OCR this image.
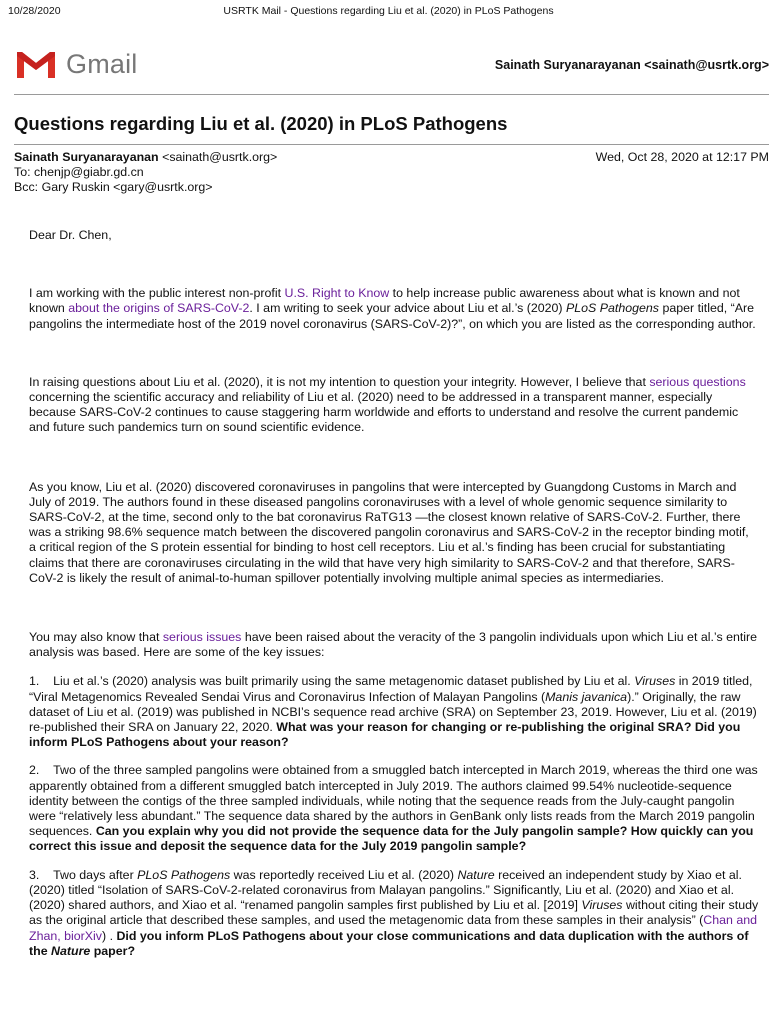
10/28/2020	USRTK Mail - Questions regarding Liu et al. (2020) in PLoS Pathogens
Gmail	Sainath Suryanarayanan <sainath@usrtk.org>
Questions regarding Liu et al. (2020) in PLoS Pathogens
Sainath Suryanarayanan <sainath@usrtk.org>	Wed, Oct 28, 2020 at 12:17 PM
To: chenjp@giabr.gd.cn
Bcc: Gary Ruskin <gary@usrtk.org>

Dear Dr. Chen,

I am working with the public interest non-profit U.S. Right to Know to help increase public awareness about what is known and not known about the origins of SARS-CoV-2. I am writing to seek your advice about Liu et al.’s (2020) PLoS Pathogens paper titled, “Are pangolins the intermediate host of the 2019 novel coronavirus (SARS-CoV-2)?”, on which you are listed as the corresponding author.

In raising questions about Liu et al. (2020), it is not my intention to question your integrity. However, I believe that serious questions concerning the scientific accuracy and reliability of Liu et al. (2020) need to be addressed in a transparent manner, especially because SARS-CoV-2 continues to cause staggering harm worldwide and efforts to understand and resolve the current pandemic and future such pandemics turn on sound scientific evidence.

As you know, Liu et al. (2020) discovered coronaviruses in pangolins that were intercepted by Guangdong Customs in March and July of 2019. The authors found in these diseased pangolins coronaviruses with a level of whole genomic sequence similarity to SARS-CoV-2, at the time, second only to the bat coronavirus RaTG13 —the closest known relative of SARS-CoV-2. Further, there was a striking 98.6% sequence match between the discovered pangolin coronavirus and SARS-CoV-2 in the receptor binding motif, a critical region of the S protein essential for binding to host cell receptors. Liu et al.’s finding has been crucial for substantiating claims that there are coronaviruses circulating in the wild that have very high similarity to SARS-CoV-2 and that therefore, SARS-CoV-2 is likely the result of animal-to-human spillover potentially involving multiple animal species as intermediaries.

You may also know that serious issues have been raised about the veracity of the 3 pangolin individuals upon which Liu et al.’s entire analysis was based. Here are some of the key issues:

1. Liu et al.’s (2020) analysis was built primarily using the same metagenomic dataset published by Liu et al. Viruses in 2019 titled, “Viral Metagenomics Revealed Sendai Virus and Coronavirus Infection of Malayan Pangolins (Manis javanica).” Originally, the raw dataset of Liu et al. (2019) was published in NCBI’s sequence read archive (SRA) on September 23, 2019. However, Liu et al. (2019) re-published their SRA on January 22, 2020. What was your reason for changing or re-publishing the original SRA? Did you inform PLoS Pathogens about your reason?

2. Two of the three sampled pangolins were obtained from a smuggled batch intercepted in March 2019, whereas the third one was apparently obtained from a different smuggled batch intercepted in July 2019. The authors claimed 99.54% nucleotide-sequence identity between the contigs of the three sampled individuals, while noting that the sequence reads from the July-caught pangolin were “relatively less abundant.” The sequence data shared by the authors in GenBank only lists reads from the March 2019 pangolin sequences. Can you explain why you did not provide the sequence data for the July pangolin sample? How quickly can you correct this issue and deposit the sequence data for the July 2019 pangolin sample?

3. Two days after PLoS Pathogens was reportedly received Liu et al. (2020) Nature received an independent study by Xiao et al. (2020) titled “Isolation of SARS-CoV-2-related coronavirus from Malayan pangolins.” Significantly, Liu et al. (2020) and Xiao et al. (2020) shared authors, and Xiao et al. “renamed pangolin samples first published by Liu et al. [2019] Viruses without citing their study as the original article that described these samples, and used the metagenomic data from these samples in their analysis” (Chan and Zhan, biorXiv) . Did you inform PLoS Pathogens about your close communications and data duplication with the authors of the Nature paper?
